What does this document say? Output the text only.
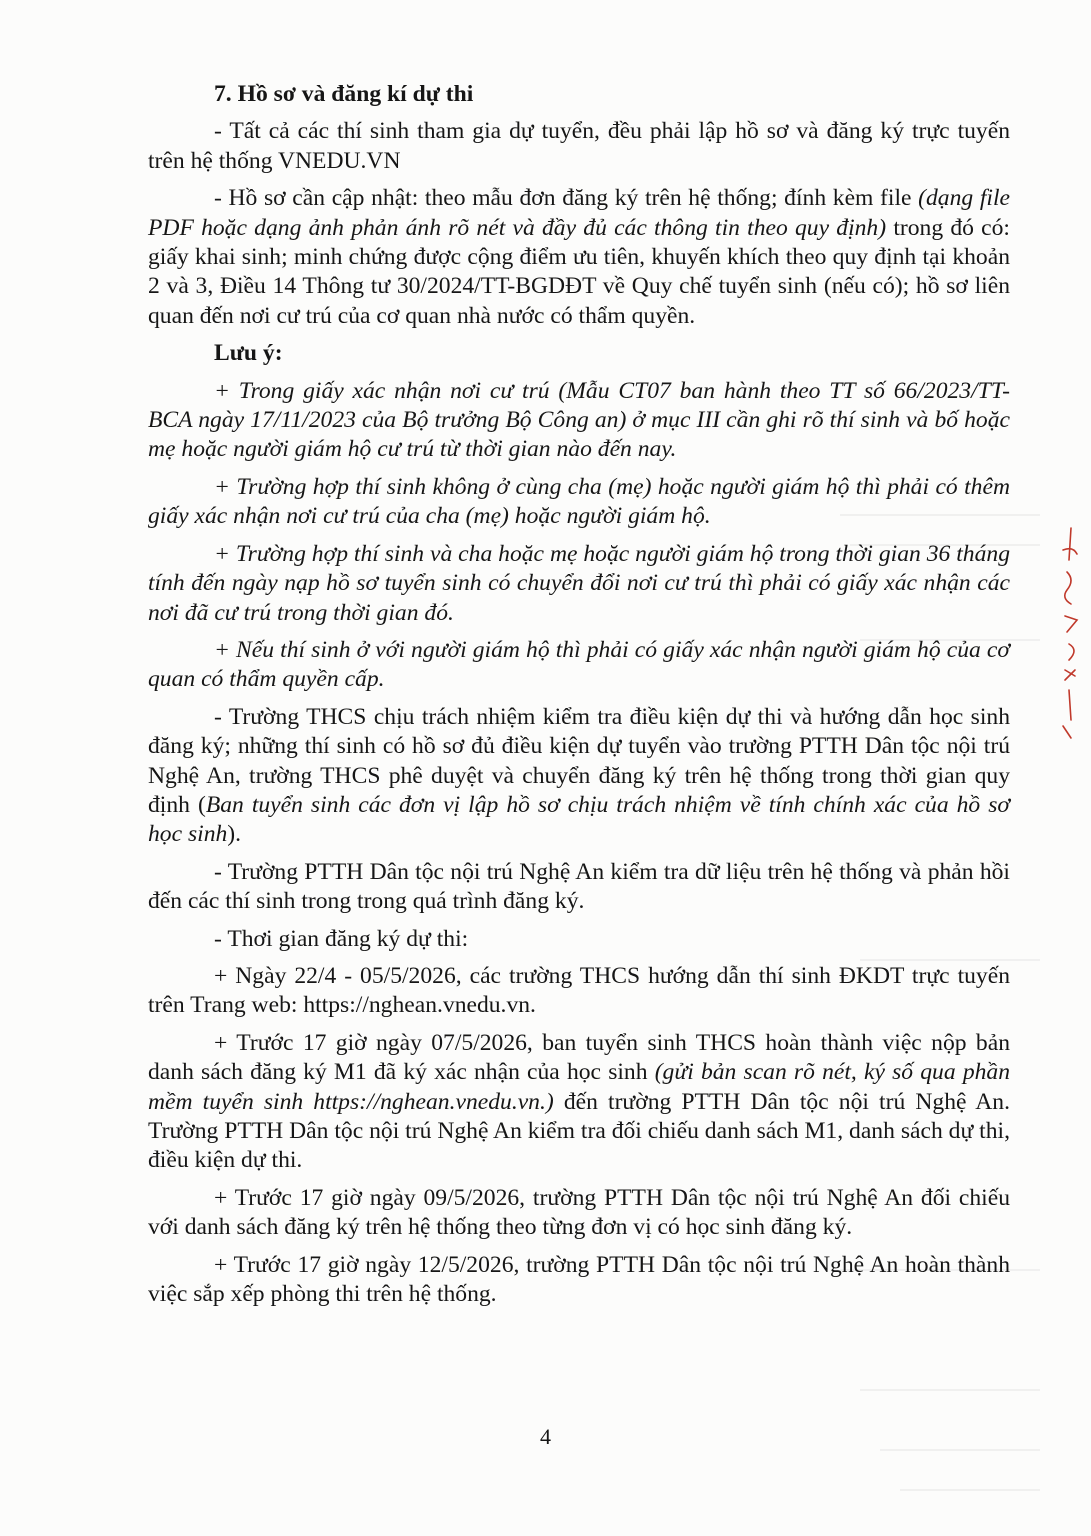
7. Hồ sơ và đăng kí dự thi

- Tất cả các thí sinh tham gia dự tuyển, đều phải lập hồ sơ và đăng ký trực tuyến trên hệ thống VNEDU.VN

- Hồ sơ cần cập nhật: theo mẫu đơn đăng ký trên hệ thống; đính kèm file (dạng file PDF hoặc dạng ảnh phản ánh rõ nét và đầy đủ các thông tin theo quy định) trong đó có: giấy khai sinh; minh chứng được cộng điểm ưu tiên, khuyến khích theo quy định tại khoản 2 và 3, Điều 14 Thông tư 30/2024/TT-BGDĐT về Quy chế tuyển sinh (nếu có); hồ sơ liên quan đến nơi cư trú của cơ quan nhà nước có thẩm quyền.

Lưu ý:

+ Trong giấy xác nhận nơi cư trú (Mẫu CT07 ban hành theo TT số 66/2023/TT-BCA ngày 17/11/2023 của Bộ trưởng Bộ Công an) ở mục III cần ghi rõ thí sinh và bố hoặc mẹ hoặc người giám hộ cư trú từ thời gian nào đến nay.

+ Trường hợp thí sinh không ở cùng cha (mẹ) hoặc người giám hộ thì phải có thêm giấy xác nhận nơi cư trú của cha (mẹ) hoặc người giám hộ.

+ Trường hợp thí sinh và cha hoặc mẹ hoặc người giám hộ trong thời gian 36 tháng tính đến ngày nạp hồ sơ tuyển sinh có chuyển đổi nơi cư trú thì phải có giấy xác nhận các nơi đã cư trú trong thời gian đó.

+ Nếu thí sinh ở với người giám hộ thì phải có giấy xác nhận người giám hộ của cơ quan có thẩm quyền cấp.

- Trường THCS chịu trách nhiệm kiểm tra điều kiện dự thi và hướng dẫn học sinh đăng ký; những thí sinh có hồ sơ đủ điều kiện dự tuyển vào trường PTTH Dân tộc nội trú Nghệ An, trường THCS phê duyệt và chuyển đăng ký trên hệ thống trong thời gian quy định (Ban tuyển sinh các đơn vị lập hồ sơ chịu trách nhiệm về tính chính xác của hồ sơ học sinh).

- Trường PTTH Dân tộc nội trú Nghệ An kiểm tra dữ liệu trên hệ thống và phản hồi đến các thí sinh trong trong quá trình đăng ký.

- Thơi gian đăng ký dự thi:

+ Ngày 22/4 - 05/5/2026, các trường THCS hướng dẫn thí sinh ĐKDT trực tuyến trên Trang web: https://nghean.vnedu.vn.

+ Trước 17 giờ ngày 07/5/2026, ban tuyển sinh THCS hoàn thành việc nộp bản danh sách đăng ký M1 đã ký xác nhận của học sinh (gửi bản scan rõ nét, ký số qua phần mềm tuyển sinh https://nghean.vnedu.vn.) đến trường PTTH Dân tộc nội trú Nghệ An. Trường PTTH Dân tộc nội trú Nghệ An kiểm tra đối chiếu danh sách M1, danh sách dự thi, điều kiện dự thi.

+ Trước 17 giờ ngày 09/5/2026, trường PTTH Dân tộc nội trú Nghệ An đối chiếu với danh sách đăng ký trên hệ thống theo từng đơn vị có học sinh đăng ký.

+ Trước 17 giờ ngày 12/5/2026, trường PTTH Dân tộc nội trú Nghệ An hoàn thành việc sắp xếp phòng thi trên hệ thống.

4
